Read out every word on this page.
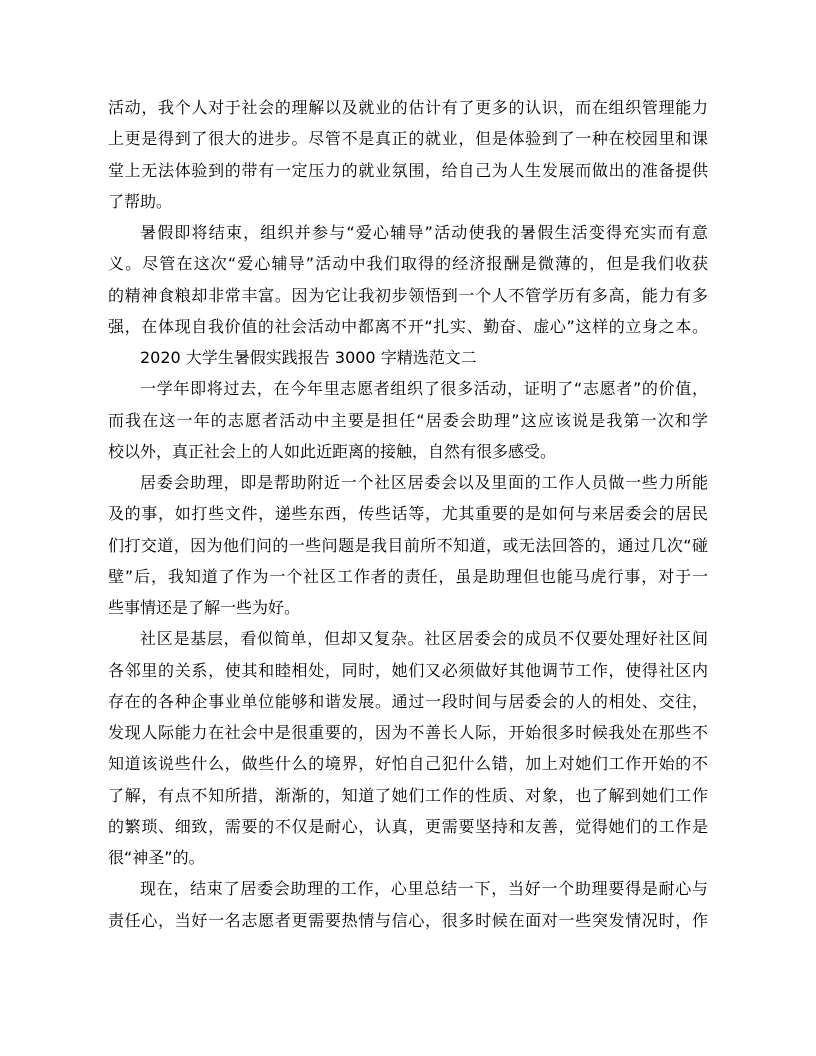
活动，我个人对于社会的理解以及就业的估计有了更多的认识，而在组织管理能力
上更是得到了很大的进步。尽管不是真正的就业，但是体验到了一种在校园里和课
堂上无法体验到的带有一定压力的就业氛围，给自己为人生发展而做出的准备提供
了帮助。
暑假即将结束，组织并参与“爱心辅导”活动使我的暑假生活变得充实而有意
义。尽管在这次“爱心辅导”活动中我们取得的经济报酬是微薄的，但是我们收获
的精神食粮却非常丰富。因为它让我初步领悟到一个人不管学历有多高，能力有多
强，在体现自我价值的社会活动中都离不开“扎实、勤奋、虚心”这样的立身之本。
2020 大学生暑假实践报告 3000 字精选范文二
一学年即将过去，在今年里志愿者组织了很多活动，证明了“志愿者”的价值，
而我在这一年的志愿者活动中主要是担任“居委会助理”这应该说是我第一次和学
校以外，真正社会上的人如此近距离的接触，自然有很多感受。
居委会助理，即是帮助附近一个社区居委会以及里面的工作人员做一些力所能
及的事，如打些文件，递些东西，传些话等，尤其重要的是如何与来居委会的居民
们打交道，因为他们问的一些问题是我目前所不知道，或无法回答的，通过几次“碰
壁”后，我知道了作为一个社区工作者的责任，虽是助理但也能马虎行事，对于一
些事情还是了解一些为好。
社区是基层，看似简单，但却又复杂。社区居委会的成员不仅要处理好社区间
各邻里的关系，使其和睦相处，同时，她们又必须做好其他调节工作，使得社区内
存在的各种企事业单位能够和谐发展。通过一段时间与居委会的人的相处、交往，
发现人际能力在社会中是很重要的，因为不善长人际，开始很多时候我处在那些不
知道该说些什么，做些什么的境界，好怕自己犯什么错，加上对她们工作开始的不
了解，有点不知所措，渐渐的，知道了她们工作的性质、对象，也了解到她们工作
的繁琐、细致，需要的不仅是耐心，认真，更需要坚持和友善，觉得她们的工作是
很“神圣”的。
现在，结束了居委会助理的工作，心里总结一下，当好一个助理要得是耐心与
责任心，当好一名志愿者更需要热情与信心，很多时候在面对一些突发情况时，作
